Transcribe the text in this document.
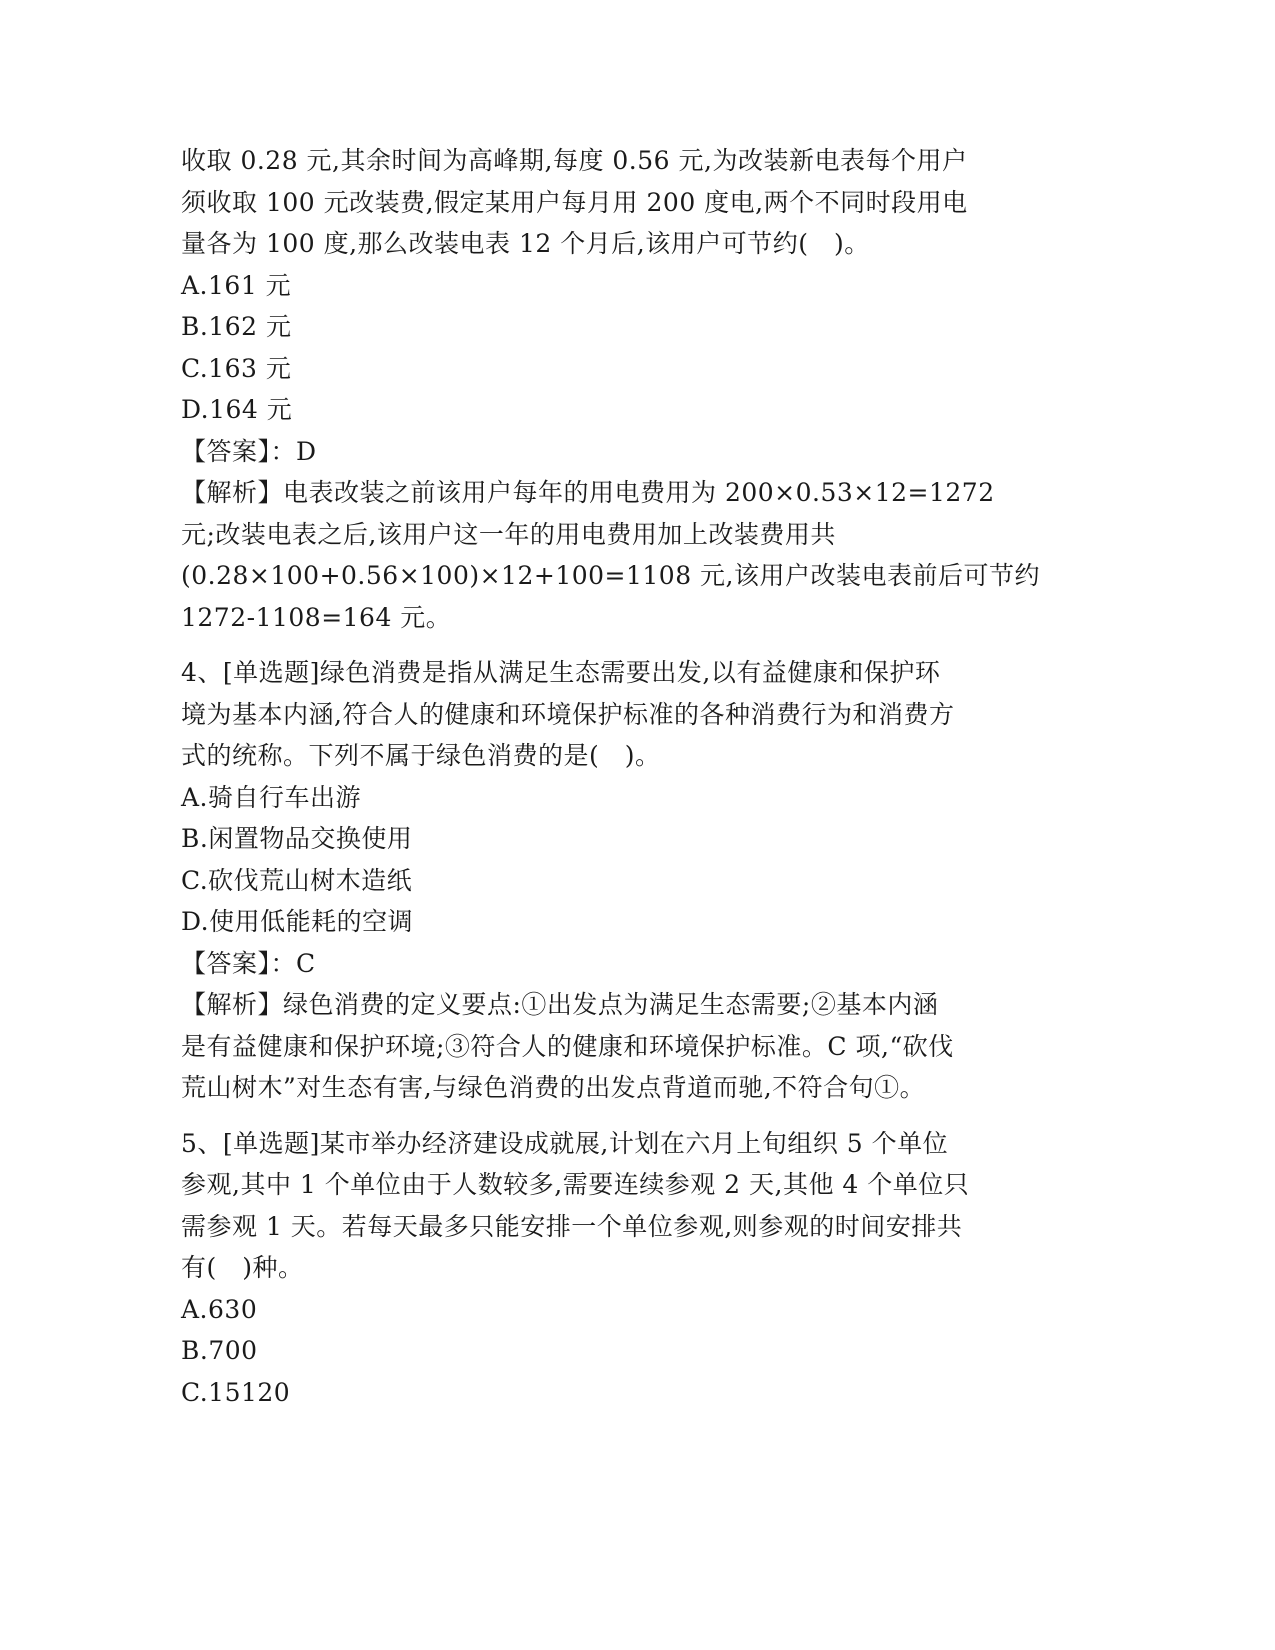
收取 0.28 元,其余时间为高峰期,每度 0.56 元,为改装新电表每个用户
须收取 100 元改装费,假定某用户每月用 200 度电,两个不同时段用电
量各为 100 度,那么改装电表 12 个月后,该用户可节约(　)。
A.161 元
B.162 元
C.163 元
D.164 元
【答案】：D
【解析】电表改装之前该用户每年的用电费用为 200×0.53×12=1272
元;改装电表之后,该用户这一年的用电费用加上改装费用共
(0.28×100+0.56×100)×12+100=1108 元,该用户改装电表前后可节约
1272-1108=164 元。
4、[单选题]绿色消费是指从满足生态需要出发,以有益健康和保护环
境为基本内涵,符合人的健康和环境保护标准的各种消费行为和消费方
式的统称。下列不属于绿色消费的是(　)。
A.骑自行车出游
B.闲置物品交换使用
C.砍伐荒山树木造纸
D.使用低能耗的空调
【答案】：C
【解析】绿色消费的定义要点:①出发点为满足生态需要;②基本内涵
是有益健康和保护环境;③符合人的健康和环境保护标准。C 项,“砍伐
荒山树木”对生态有害,与绿色消费的出发点背道而驰,不符合句①。
5、[单选题]某市举办经济建设成就展,计划在六月上旬组织 5 个单位
参观,其中 1 个单位由于人数较多,需要连续参观 2 天,其他 4 个单位只
需参观 1 天。若每天最多只能安排一个单位参观,则参观的时间安排共
有(　)种。
A.630
B.700
C.15120
